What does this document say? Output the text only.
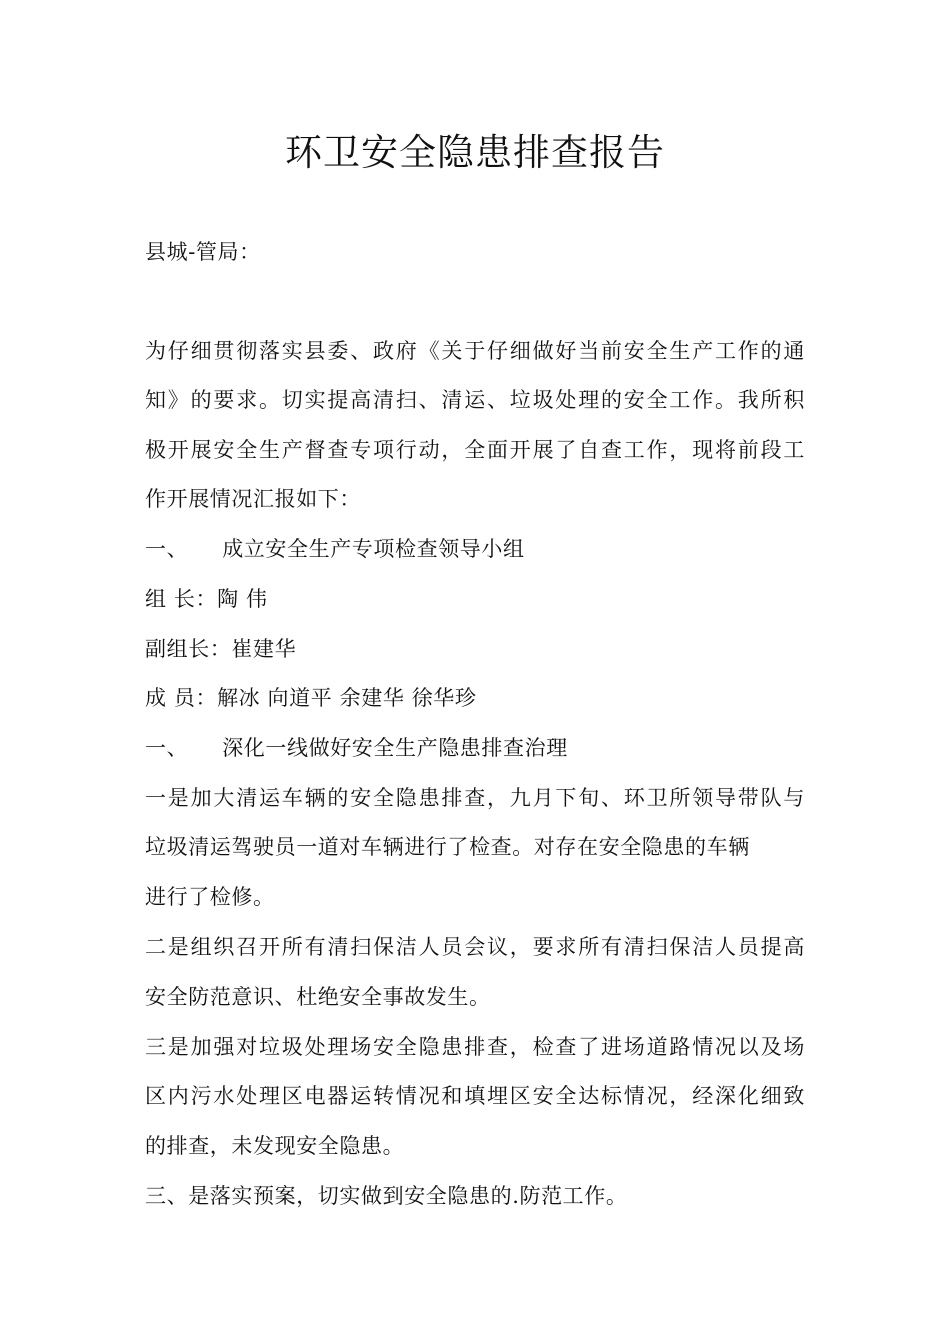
环卫安全隐患排查报告
县城-管局：
为仔细贯彻落实县委、政府《关于仔细做好当前安全生产工作的通
知》的要求。切实提高清扫、清运、垃圾处理的安全工作。我所积
极开展安全生产督查专项行动，全面开展了自查工作，现将前段工
作开展情况汇报如下：
一、 成立安全生产专项检查领导小组
组 长：陶 伟
副组长：崔建华
成 员：解冰 向道平 余建华 徐华珍
一、 深化一线做好安全生产隐患排查治理
一是加大清运车辆的安全隐患排查，九月下旬、环卫所领导带队与
垃圾清运驾驶员一道对车辆进行了检查。对存在安全隐患的车辆
进行了检修。
二是组织召开所有清扫保洁人员会议，要求所有清扫保洁人员提高
安全防范意识、杜绝安全事故发生。
三是加强对垃圾处理场安全隐患排查，检查了进场道路情况以及场
区内污水处理区电器运转情况和填埋区安全达标情况，经深化细致
的排查，未发现安全隐患。
三、是落实预案，切实做到安全隐患的.防范工作。
